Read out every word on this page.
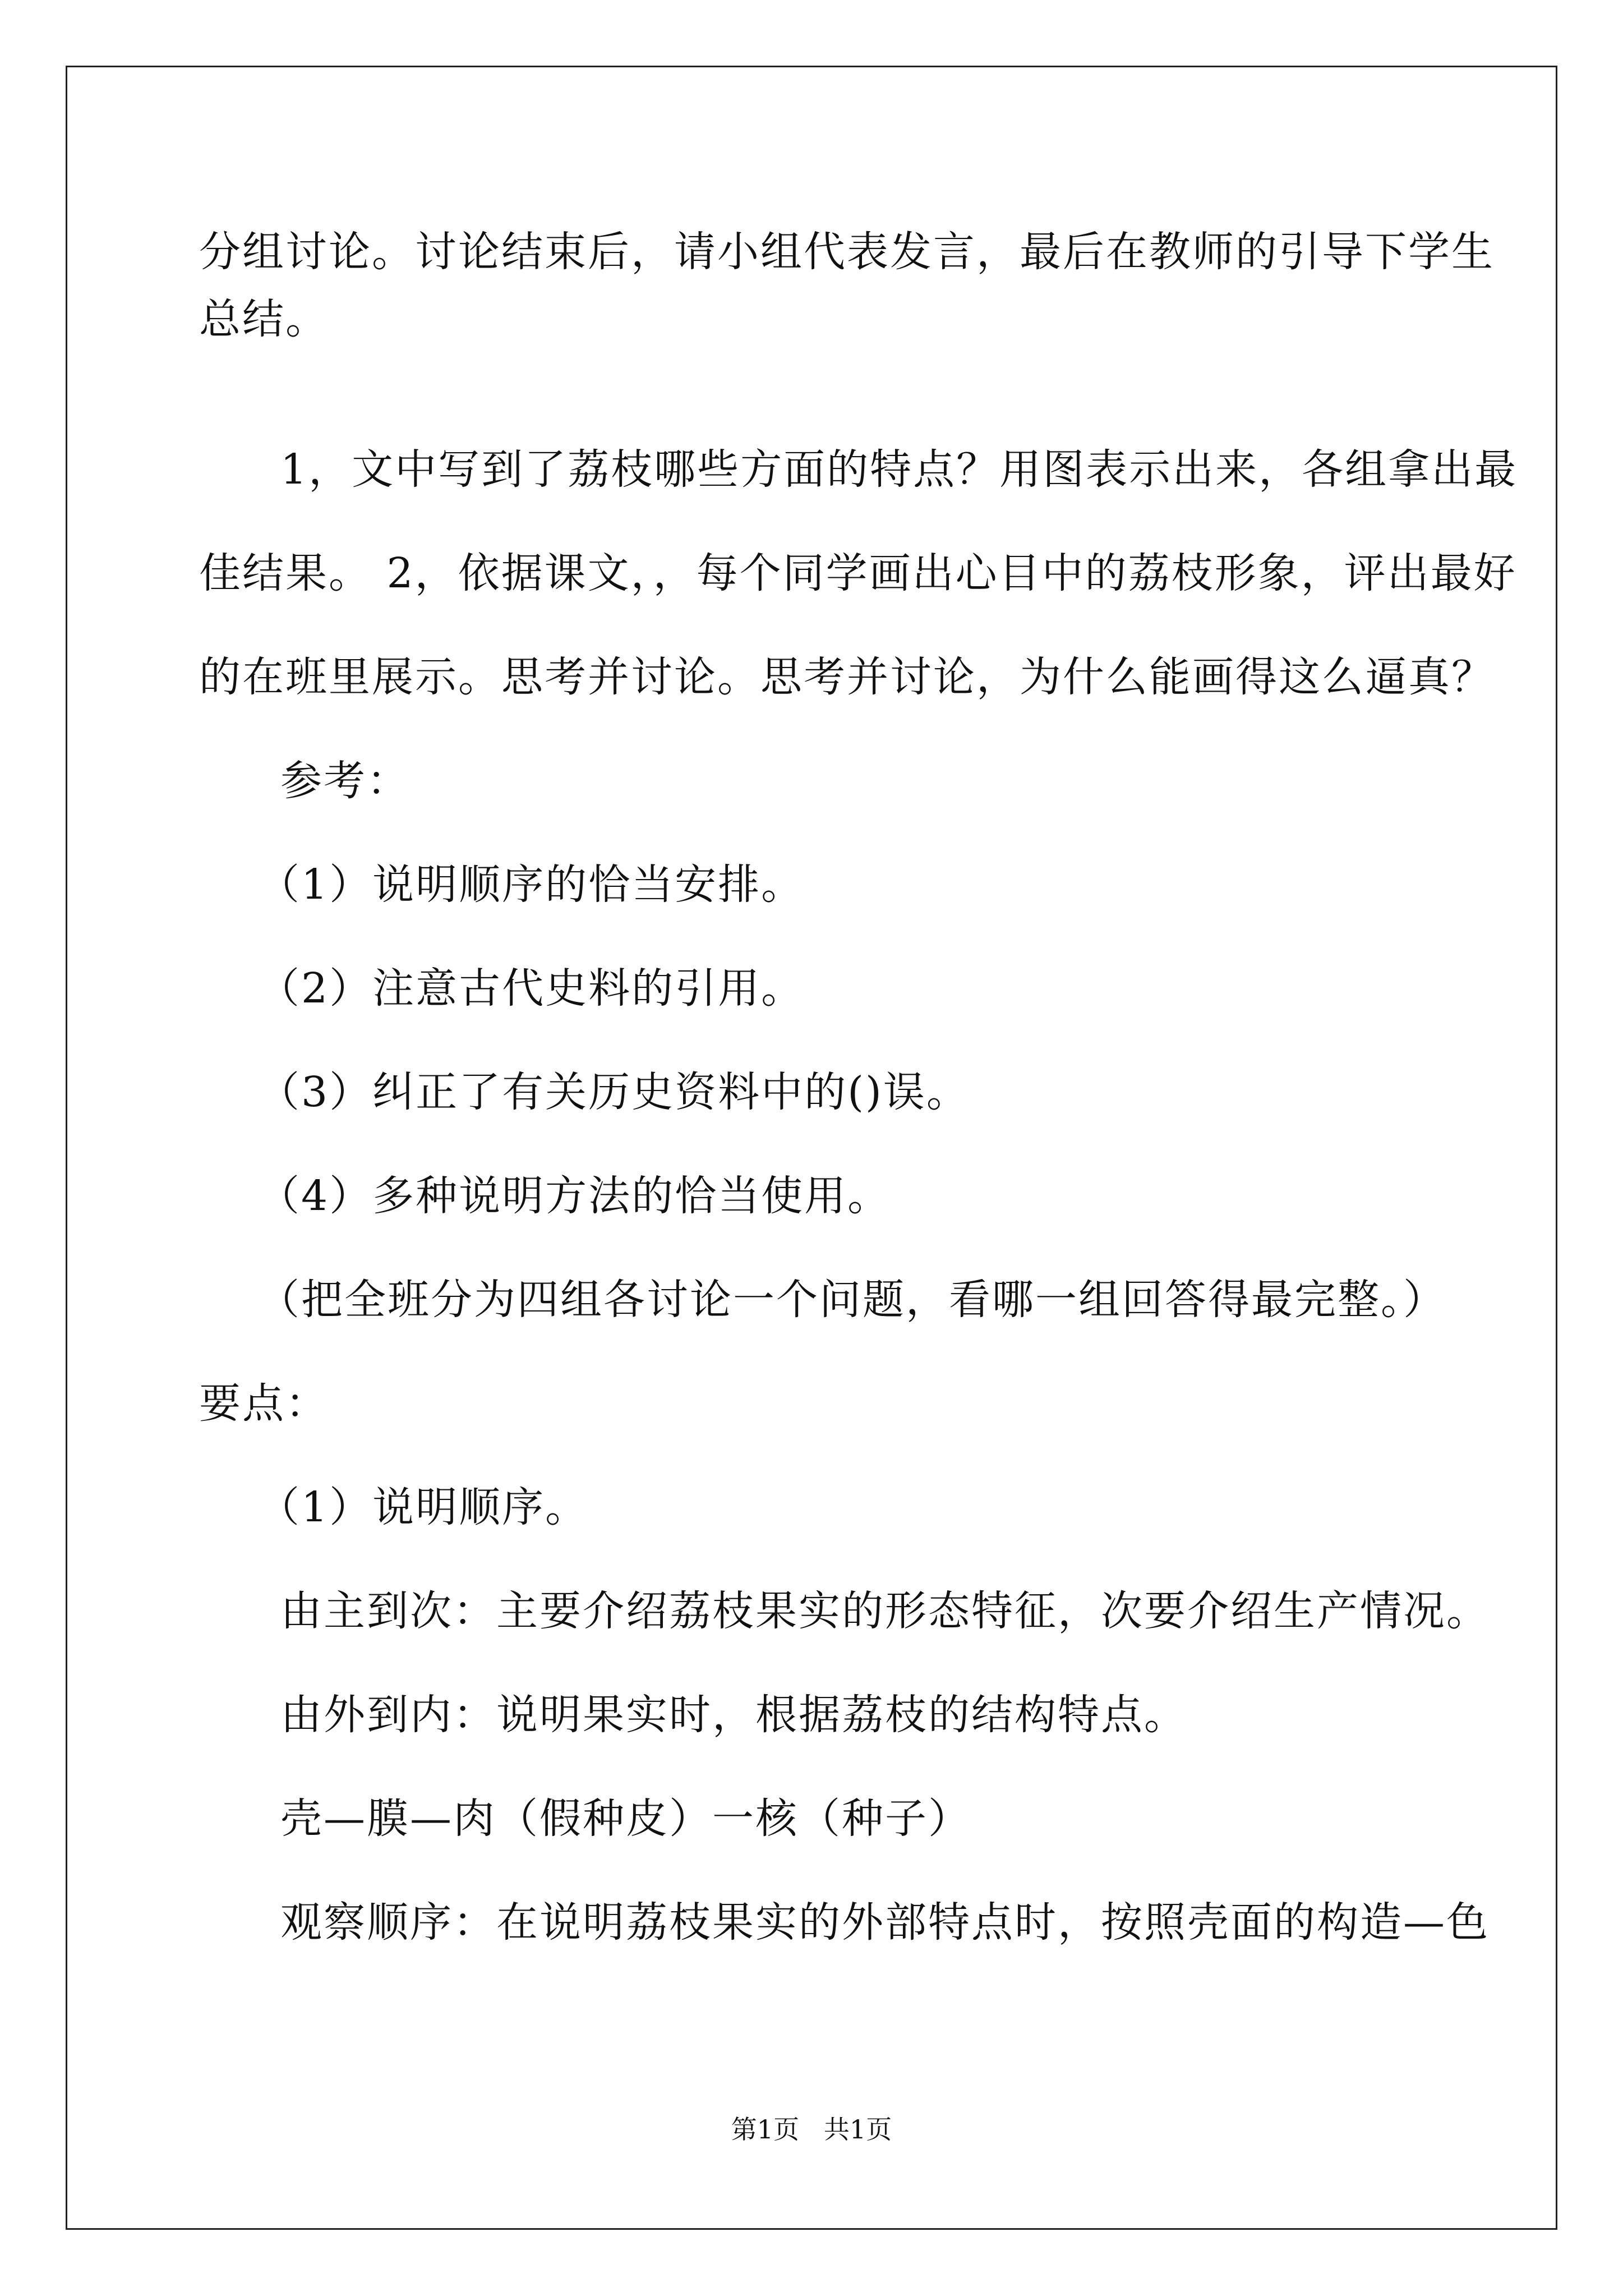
分组讨论。讨论结束后，请小组代表发言，最后在教师的引导下学生
总结。
1，文中写到了荔枝哪些方面的特点？用图表示出来，各组拿出最
佳结果。 2，依据课文，，每个同学画出心目中的荔枝形象，评出最好
的在班里展示。思考并讨论。思考并讨论，为什么能画得这么逼真？
参考：
（1）说明顺序的恰当安排。
（2）注意古代史料的引用。
（3）纠正了有关历史资料中的()误。
（4）多种说明方法的恰当使用。
（把全班分为四组各讨论一个问题，看哪一组回答得最完整。）
要点：
（1）说明顺序。
由主到次：主要介绍荔枝果实的形态特征，次要介绍生产情况。
由外到内：说明果实时，根据荔枝的结构特点。
壳—膜—肉（假种皮）一核（种子）
观察顺序：在说明荔枝果实的外部特点时，按照壳面的构造—色
第1页   共1页
